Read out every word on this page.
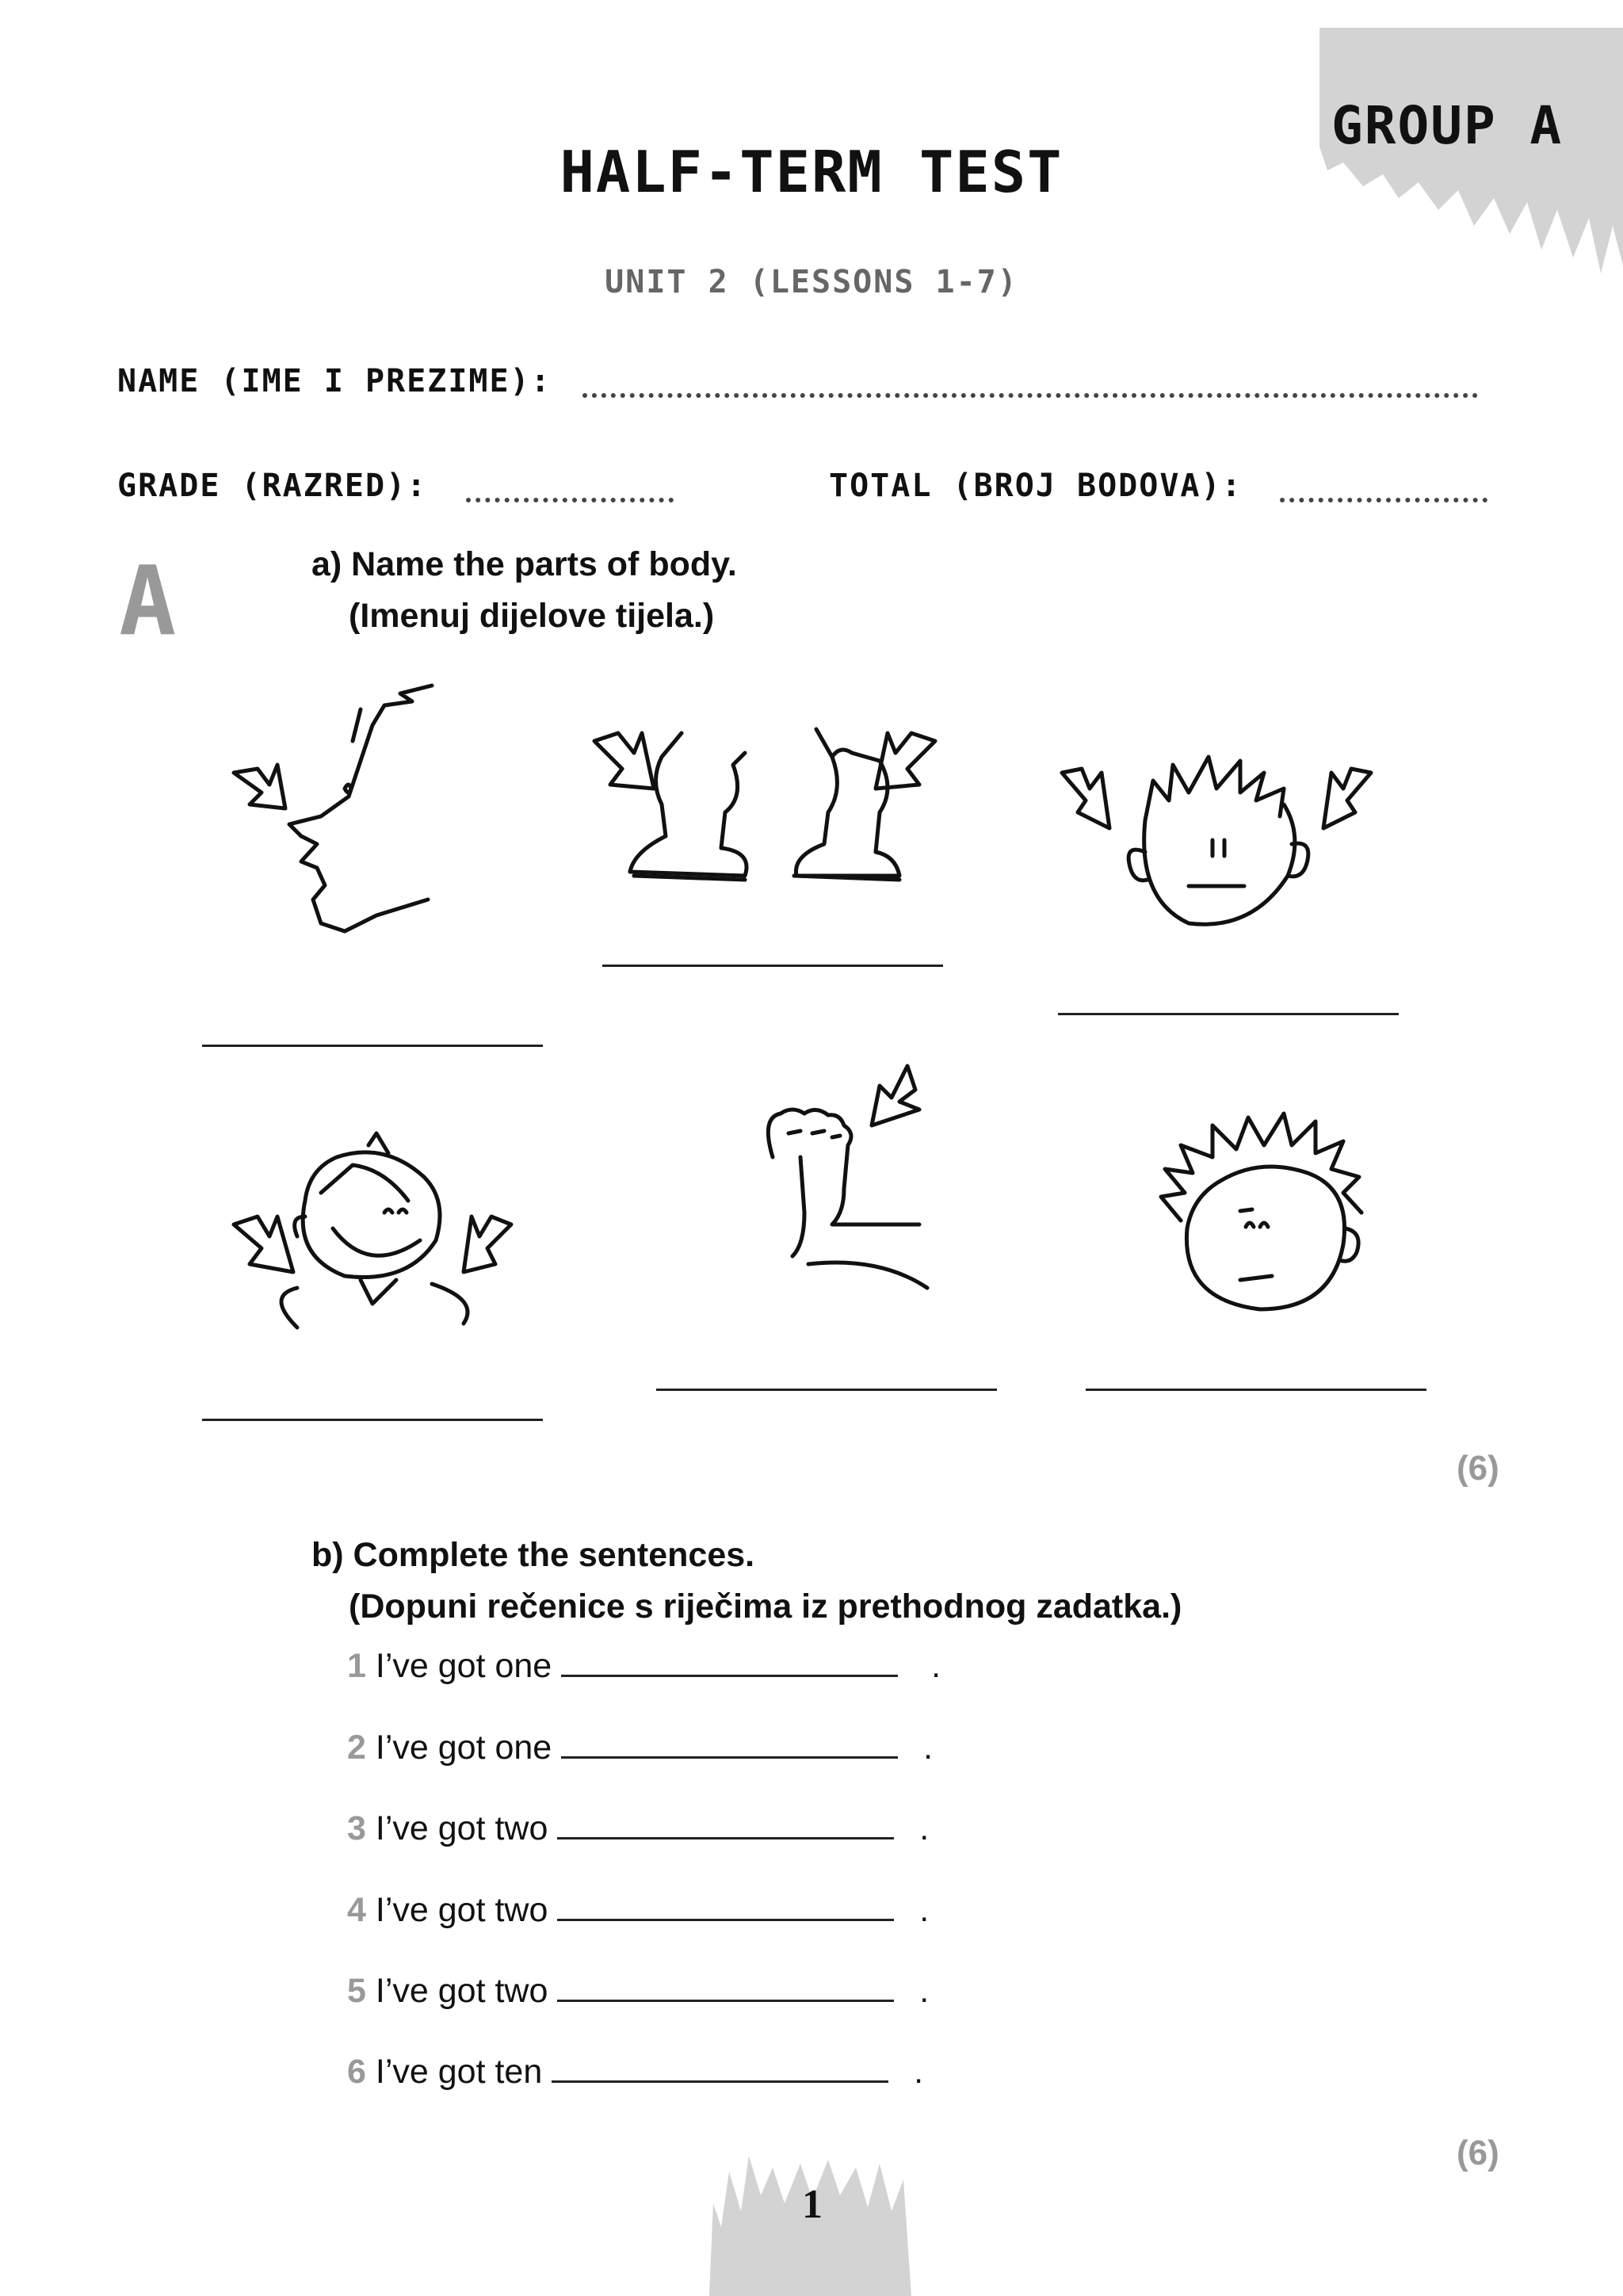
GROUP A
HALF-TERM TEST
UNIT 2 (LESSONS 1-7)
NAME (IME I PREZIME):
GRADE (RAZRED):	TOTAL (BROJ BODOVA):
A	a) Name the parts of body.
(Imenuj dijelove tijela.)
(6)
b) Complete the sentences.
(Dopuni rečenice s riječima iz prethodnog zadatka.)
1 I’ve got one	.
2 I’ve got one	.
3 I’ve got two	.
4 I’ve got two	.
5 I’ve got two	.
6 I’ve got ten	.
(6)
1
